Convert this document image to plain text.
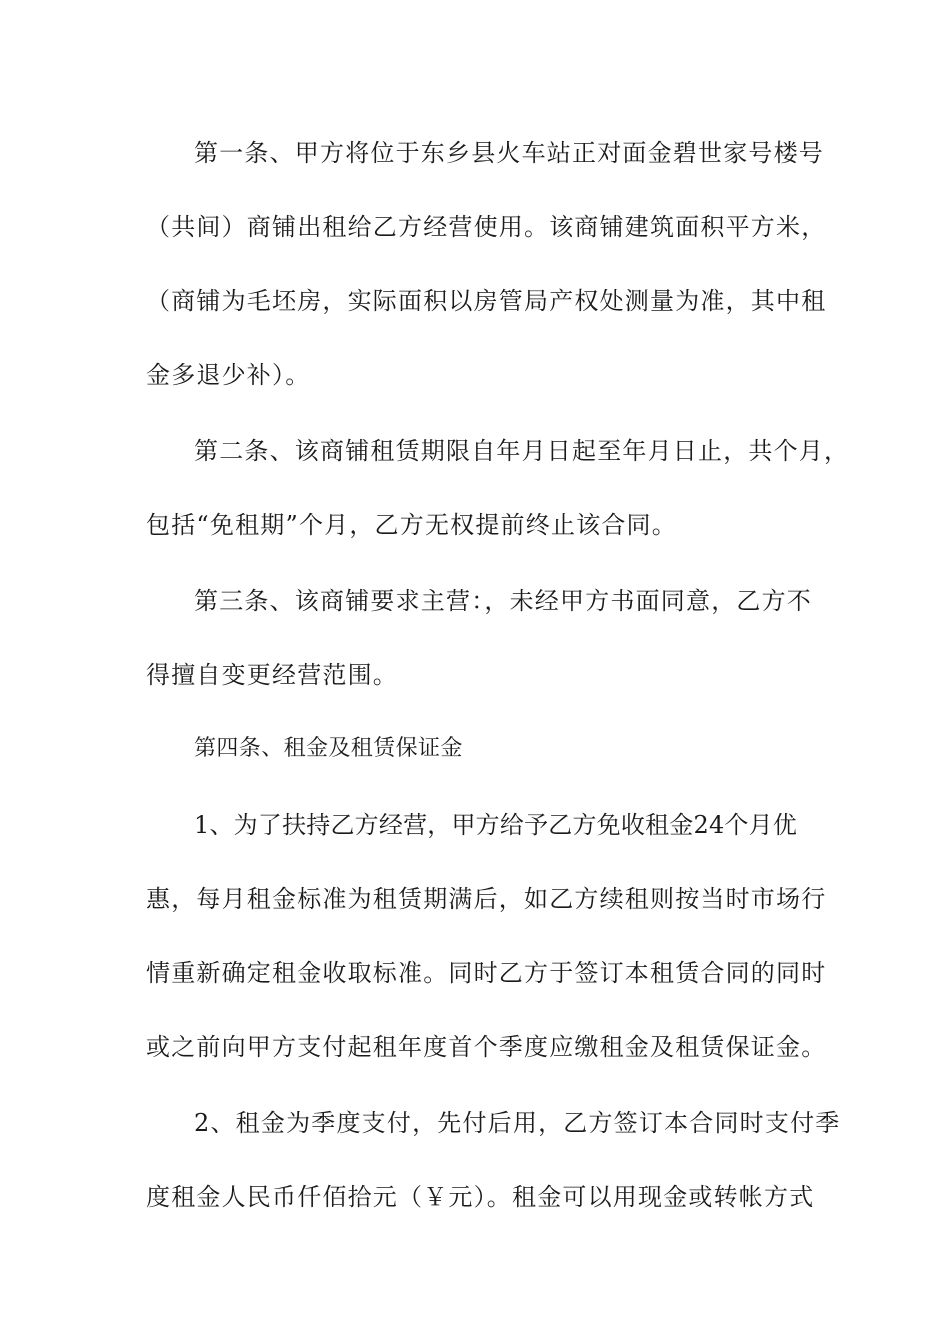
第一条、甲方将位于东乡县火车站正对面金碧世家号楼号
（共间）商铺出租给乙方经营使用。该商铺建筑面积平方米，
（商铺为毛坯房，实际面积以房管局产权处测量为准，其中租
金多退少补）。
第二条、该商铺租赁期限自年月日起至年月日止，共个月，
包括“免租期”个月，乙方无权提前终止该合同。
第三条、该商铺要求主营：，未经甲方书面同意，乙方不
得擅自变更经营范围。
第四条、租金及租赁保证金
1、为了扶持乙方经营，甲方给予乙方免收租金24个月优
惠，每月租金标准为租赁期满后，如乙方续租则按当时市场行
情重新确定租金收取标准。同时乙方于签订本租赁合同的同时
或之前向甲方支付起租年度首个季度应缴租金及租赁保证金。
2、租金为季度支付，先付后用，乙方签订本合同时支付季
度租金人民币仟佰拾元（￥元）。租金可以用现金或转帐方式
